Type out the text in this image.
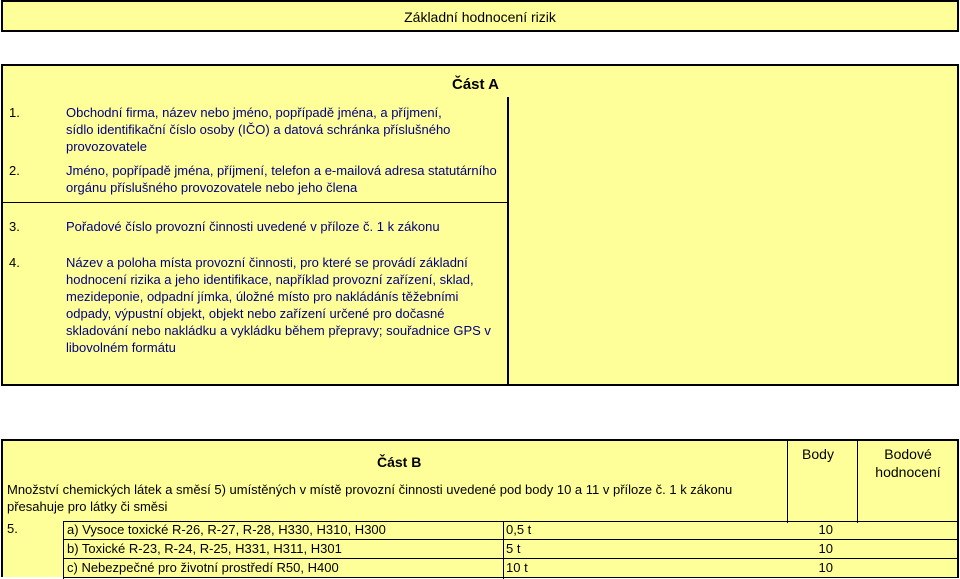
Základní hodnocení rizik
Část A
1.	Obchodní firma, název nebo jméno, popřípadě jména, a příjmení, sídlo identifikační číslo osoby (IČO) a datová schránka příslušného provozovatele
2.	Jméno, popřípadě jména, příjmení, telefon a e-mailová adresa statutárního orgánu příslušného provozovatele nebo jeho člena
3.	Pořadové číslo provozní činnosti uvedené v příloze č. 1 k zákonu
4.	Název a poloha místa provozní činnosti, pro které se provádí základní hodnocení rizika a jeho identifikace, například provozní zařízení, sklad, mezideponie, odpadní jímka, úložné místo pro nakládánís těžebními odpady, výpustní objekt, objekt nebo zařízení určené pro dočasné skladování nebo nakládku a vykládku během přepravy; souřadnice GPS v libovolném formátu
Část B	Body	Bodové hodnocení
Množství chemických látek a směsí 5) umístěných v místě provozní činnosti uvedené pod body 10 a 11 v příloze č. 1 k zákonu přesahuje pro látky či směsi
5.	a) Vysoce toxické R-26, R-27, R-28, H330, H310, H300	0,5 t	10
b) Toxické R-23, R-24, R-25, H331, H311, H301	5 t	10
c) Nebezpečné pro životní prostředí R50, H400	10 t	10
